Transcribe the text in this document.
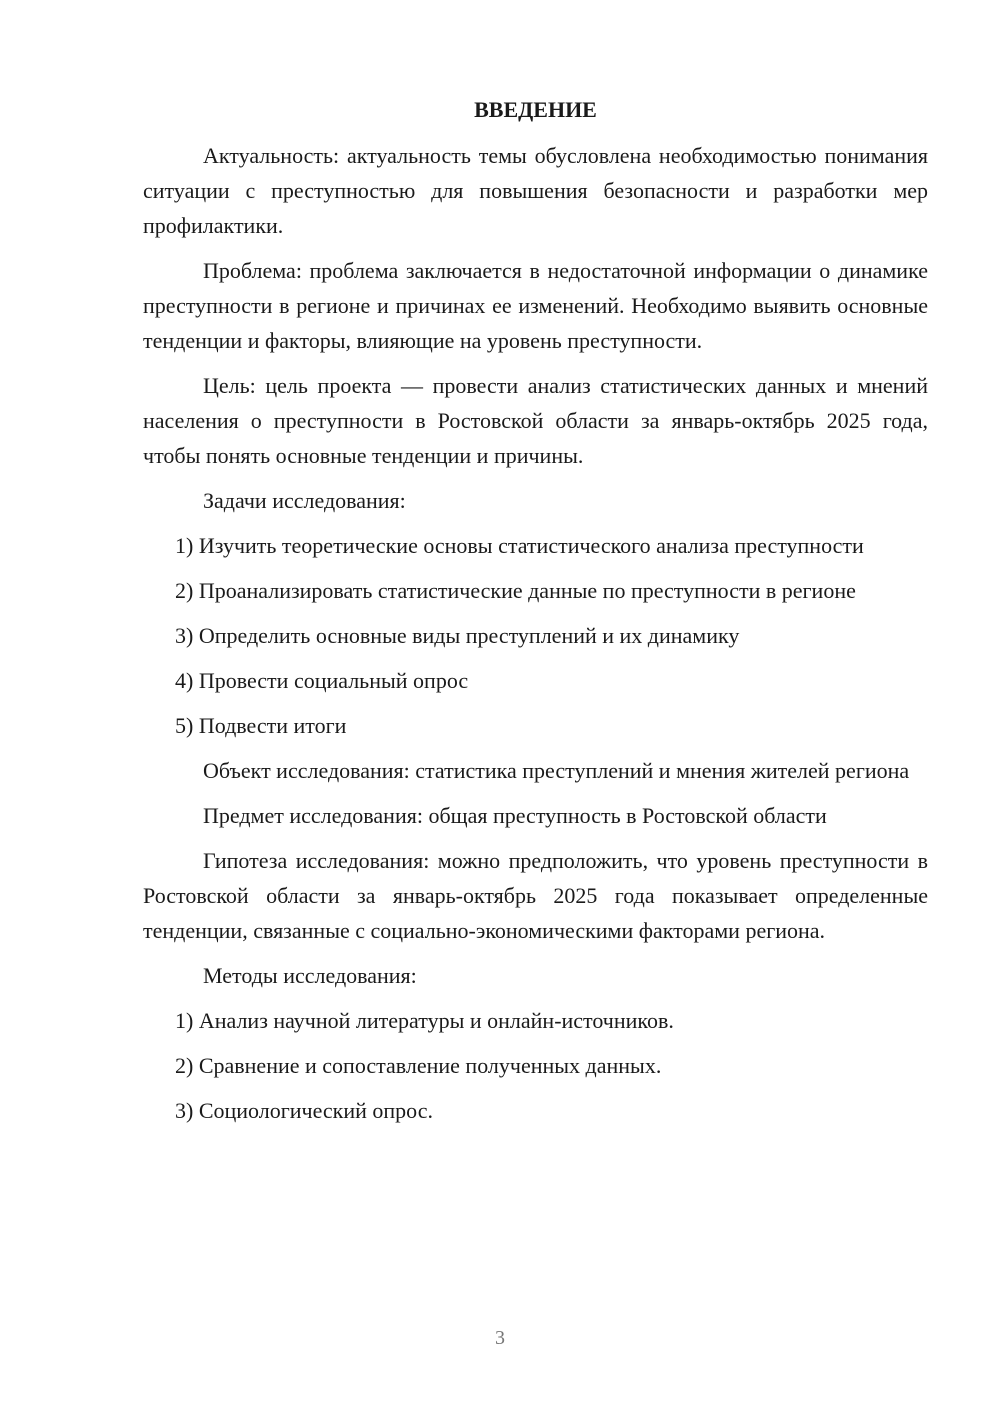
ВВЕДЕНИЕ

Актуальность: актуальность темы обусловлена необходимостью понимания ситуации с преступностью для повышения безопасности и разработки мер профилактики.

Проблема: проблема заключается в недостаточной информации о динамике преступности в регионе и причинах ее изменений. Необходимо выявить основные тенденции и факторы, влияющие на уровень преступности.

Цель: цель проекта — провести анализ статистических данных и мнений населения о преступности в Ростовской области за январь-октябрь 2025 года, чтобы понять основные тенденции и причины.

Задачи исследования:

1) Изучить теоретические основы статистического анализа преступности

2) Проанализировать статистические данные по преступности в регионе

3) Определить основные виды преступлений и их динамику

4) Провести социальный опрос

5) Подвести итоги

Объект исследования: статистика преступлений и мнения жителей региона

Предмет исследования: общая преступность в Ростовской области

Гипотеза исследования: можно предположить, что уровень преступности в Ростовской области за январь-октябрь 2025 года показывает определенные тенденции, связанные с социально-экономическими факторами региона.

Методы исследования:

1) Анализ научной литературы и онлайн-источников.

2) Сравнение и сопоставление полученных данных.

3) Социологический опрос.

3
